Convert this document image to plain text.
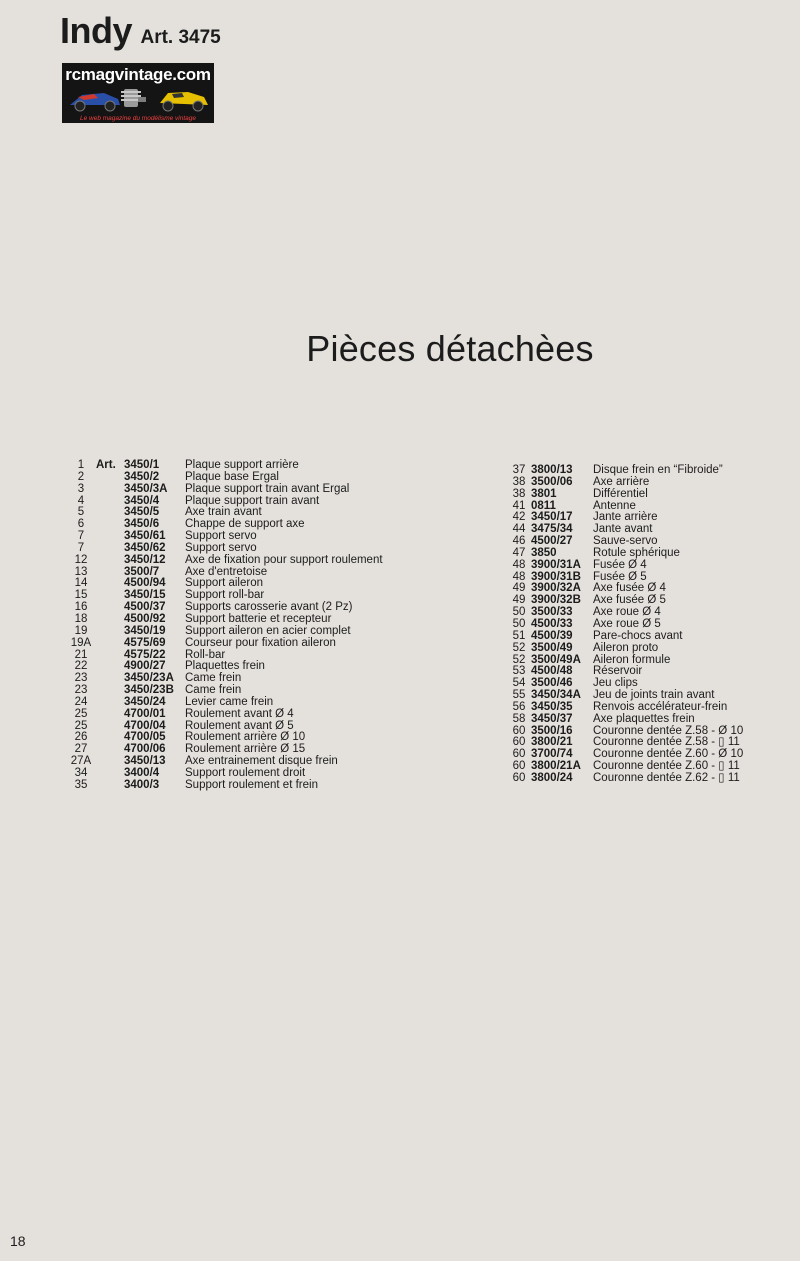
Indy Art. 3475
rcmagvintage.com
Le web magazine du modélisme vintage
Pièces détachèes
1	Art. 3450/1	Plaque support arrière
2	3450/2	Plaque base Ergal
3	3450/3A	Plaque support train avant Ergal
4	3450/4	Plaque support train avant
5	3450/5	Axe train avant
6	3450/6	Chappe de support axe
7	3450/61	Support servo
7	3450/62	Support servo
12	3450/12	Axe de fixation pour support roulement
13	3500/7	Axe d'entretoise
14	4500/94	Support aileron
15	3450/15	Support roll-bar
16	4500/37	Supports carosserie avant (2 Pz)
18	4500/92	Support batterie et recepteur
19	3450/19	Support aileron en acier complet
19A	4575/69	Courseur pour fixation aileron
21	4575/22	Roll-bar
22	4900/27	Plaquettes frein
23	3450/23A Came frein
23	3450/23B Came frein
24	3450/24	Levier came frein
25	4700/01	Roulement avant Ø 4
25	4700/04	Roulement avant Ø 5
26	4700/05	Roulement arrière Ø 10
27	4700/06	Roulement arrière Ø 15
27A	3450/13	Axe entrainement disque frein
34	3400/4	Support roulement droit
35	3400/3	Support roulement et frein
37 3800/13	Disque frein en “Fibroide”
38 3500/06	Axe arrière
38 3801	Différentiel
41 0811	Antenne
42 3450/17	Jante arrière
44 3475/34	Jante avant
46 4500/27	Sauve-servo
47 3850	Rotule sphérique
48 3900/31A	Fusée Ø 4
48 3900/31B	Fusée Ø 5
49 3900/32A	Axe fusée Ø 4
49 3900/32B	Axe fusée Ø 5
50 3500/33	Axe roue Ø 4
50 4500/33	Axe roue Ø 5
51 4500/39	Pare-chocs avant
52 3500/49	Aileron proto
52 3500/49A	Aileron formule
53 4500/48	Réservoir
54 3500/46	Jeu clips
55 3450/34A	Jeu de joints train avant
56 3450/35	Renvois accélérateur-frein
58 3450/37	Axe plaquettes frein
60 3500/16	Couronne dentée Z.58 - Ø 10
60 3800/21	Couronne dentée Z.58 - ▯ 11
60 3700/74	Couronne dentée Z.60 - Ø 10
60 3800/21A	Couronne dentée Z.60 - ▯ 11
60 3800/24	Couronne dentée Z.62 - ▯ 11
18
